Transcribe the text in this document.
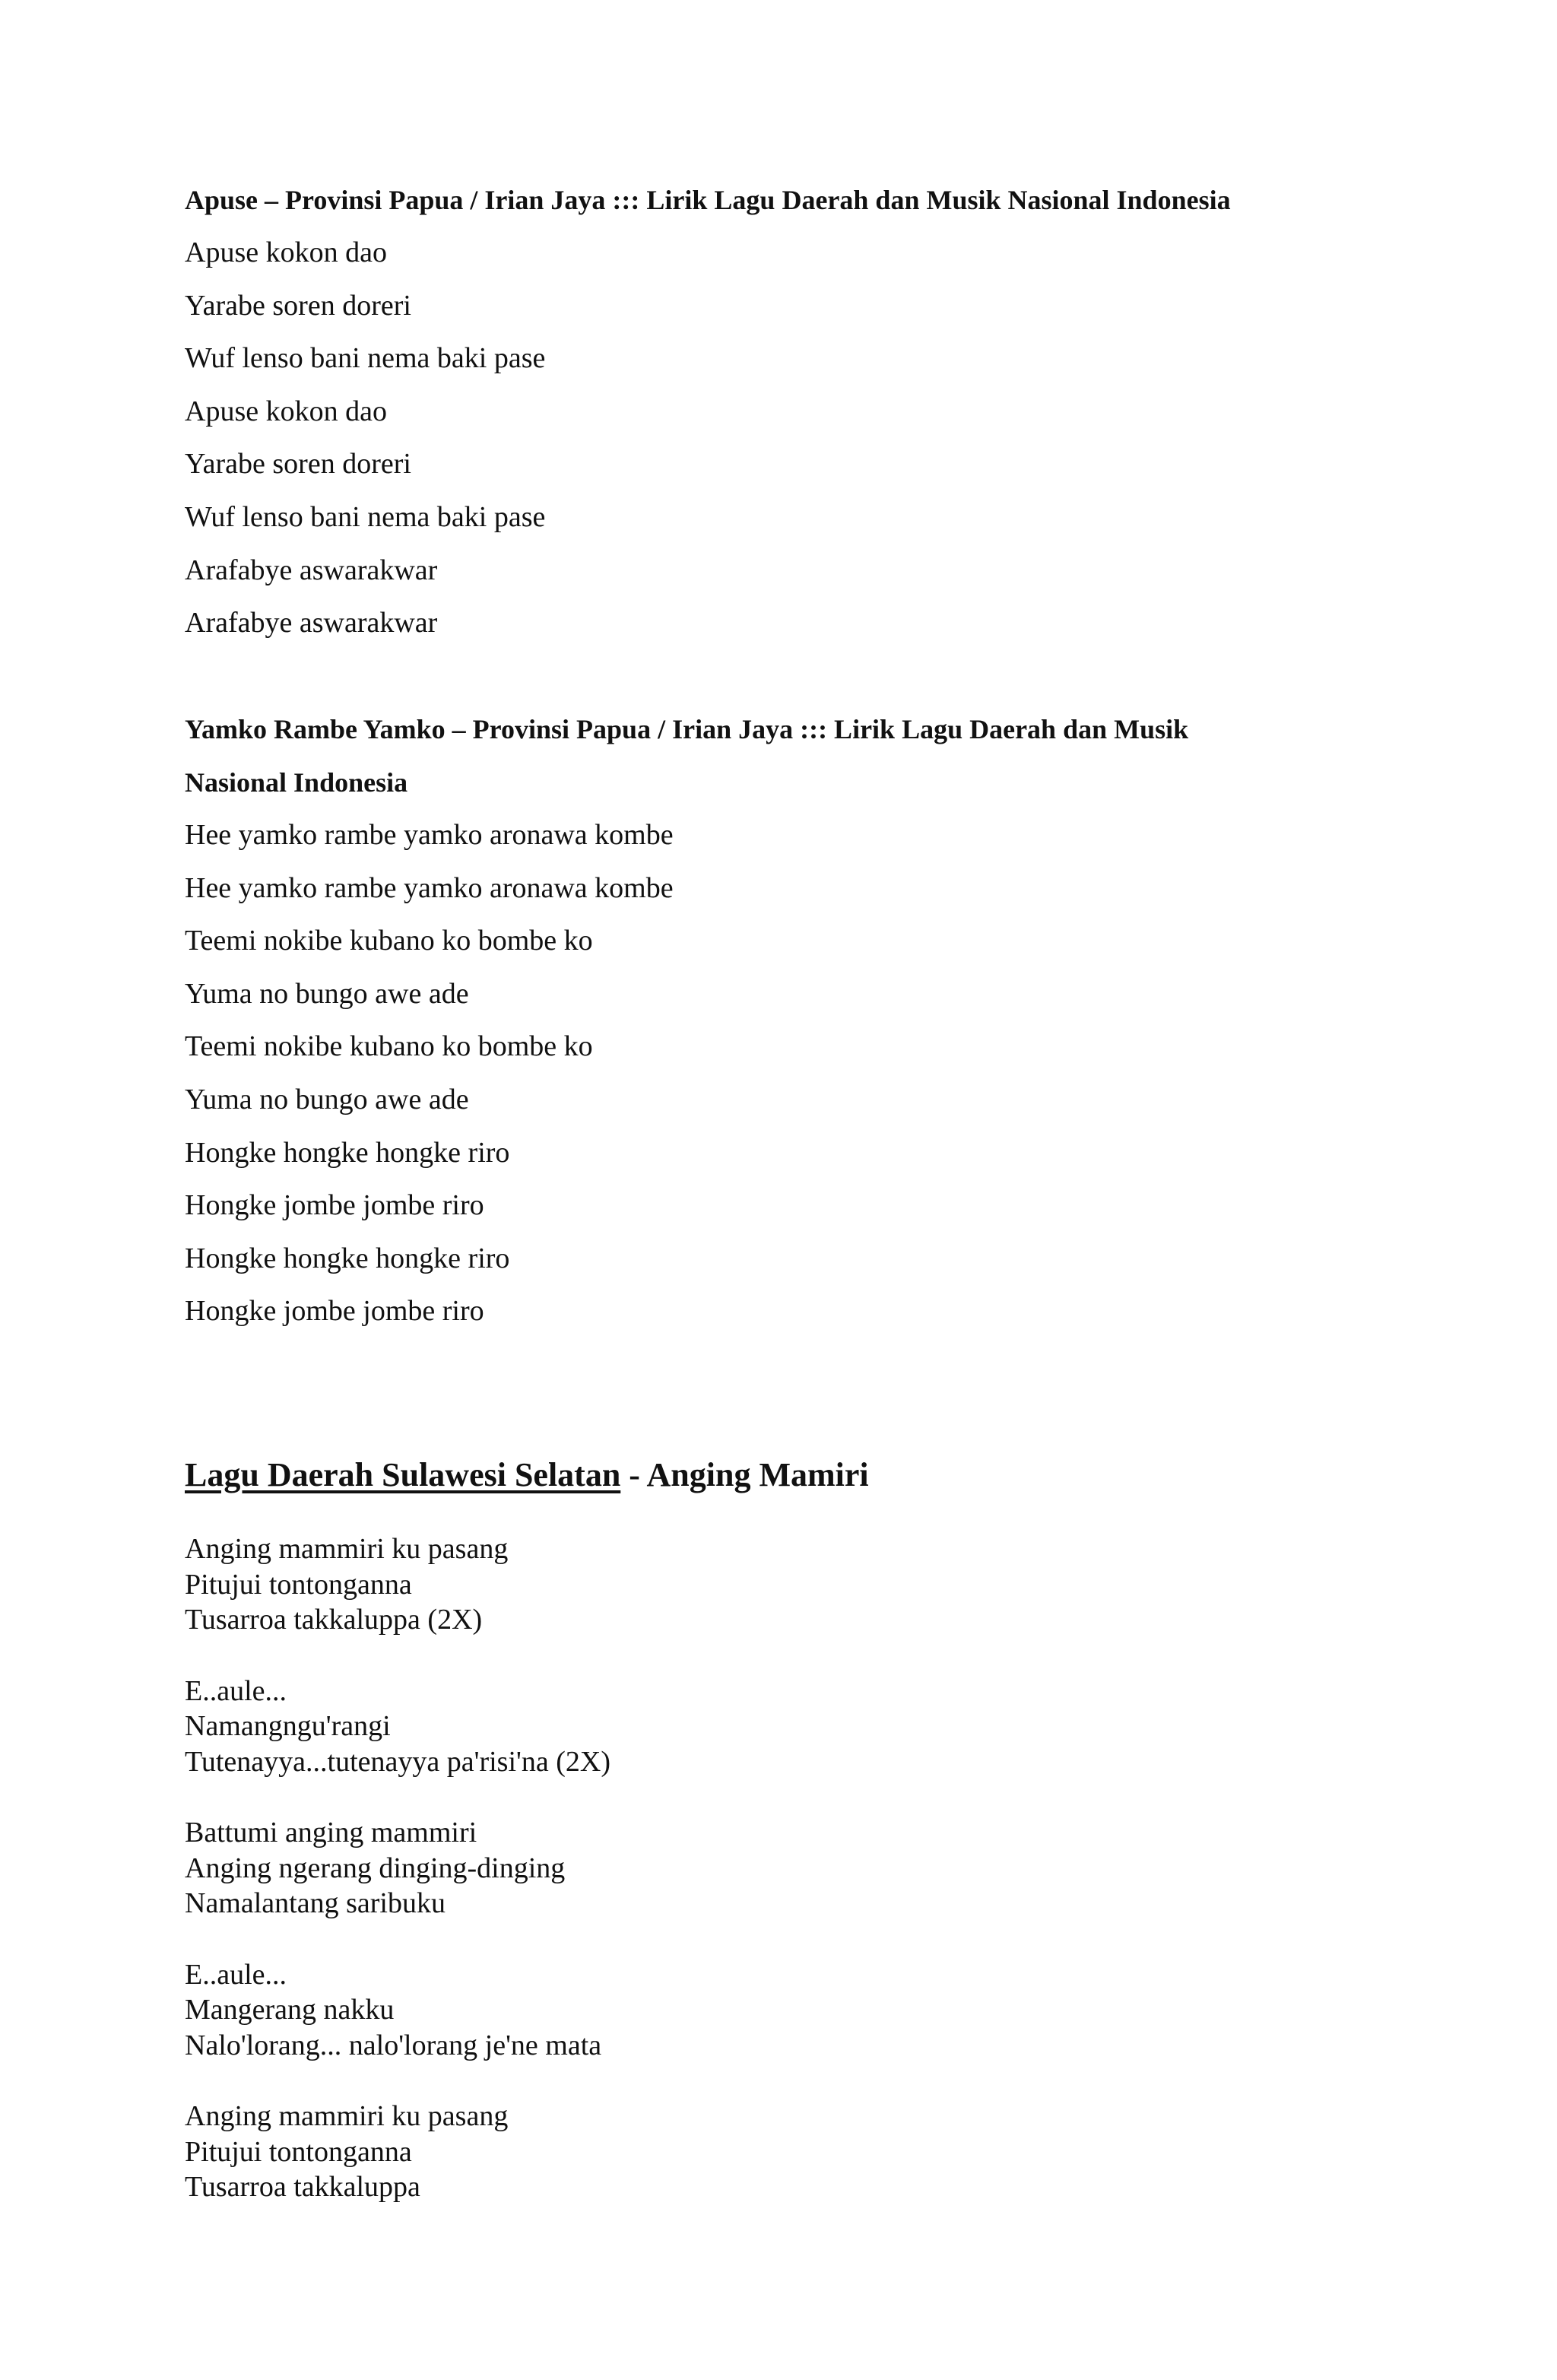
Apuse – Provinsi Papua / Irian Jaya ::: Lirik Lagu Daerah dan Musik Nasional Indonesia

Apuse kokon dao

Yarabe soren doreri

Wuf lenso bani nema baki pase

Apuse kokon dao

Yarabe soren doreri

Wuf lenso bani nema baki pase

Arafabye aswarakwar

Arafabye aswarakwar

Yamko Rambe Yamko – Provinsi Papua / Irian Jaya ::: Lirik Lagu Daerah dan Musik

Nasional Indonesia

Hee yamko rambe yamko aronawa kombe

Hee yamko rambe yamko aronawa kombe

Teemi nokibe kubano ko bombe ko

Yuma no bungo awe ade

Teemi nokibe kubano ko bombe ko

Yuma no bungo awe ade

Hongke hongke hongke riro

Hongke jombe jombe riro

Hongke hongke hongke riro

Hongke jombe jombe riro

Lagu Daerah Sulawesi Selatan - Anging Mamiri

Anging mammiri ku pasang

Pitujui tontonganna

Tusarroa takkaluppa (2X)

E..aule...

Namangngu'rangi

Tutenayya...tutenayya pa'risi'na (2X)

Battumi anging mammiri

Anging ngerang dinging-dinging

Namalantang saribuku

E..aule...

Mangerang nakku

Nalo'lorang... nalo'lorang je'ne mata

Anging mammiri ku pasang

Pitujui tontonganna

Tusarroa takkaluppa
